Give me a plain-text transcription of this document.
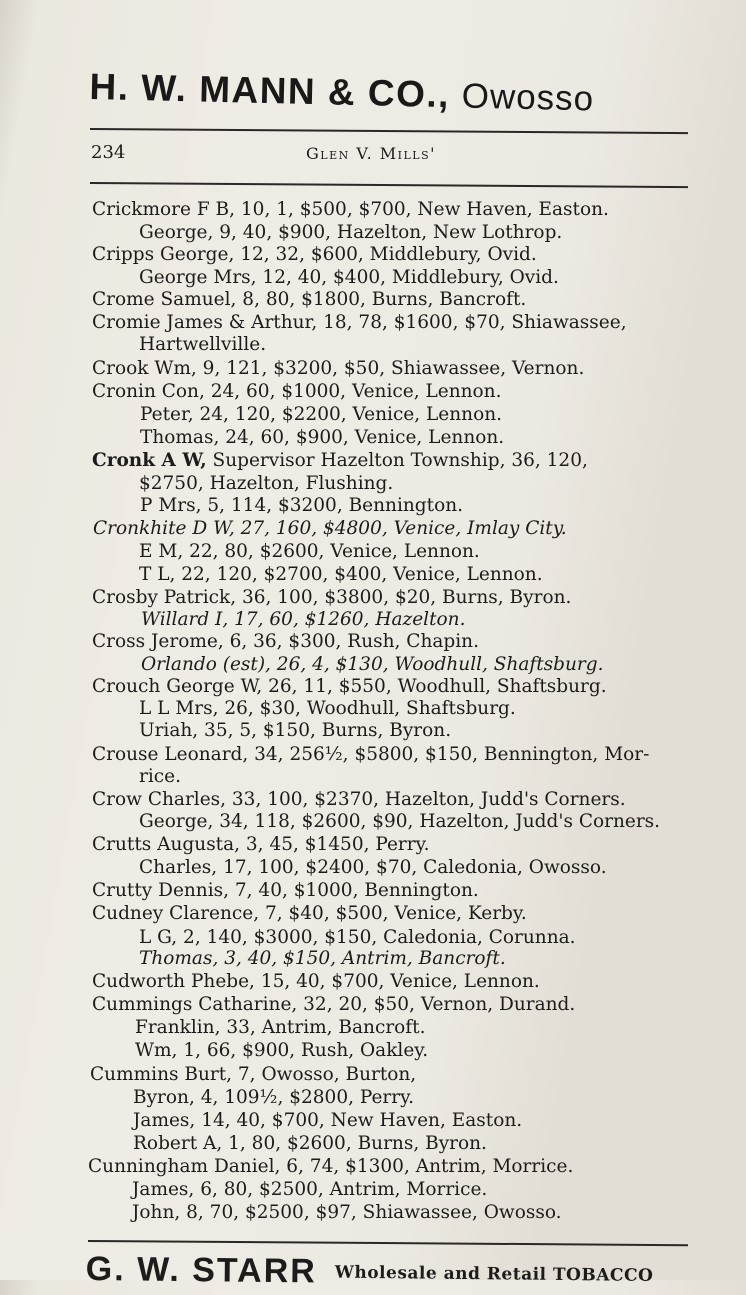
H. W. MANN & CO., Owosso
234	Glen V. Mills'
Crickmore F B, 10, 1, $500, $700, New Haven, Easton.
George, 9, 40, $900, Hazelton, New Lothrop.
Cripps George, 12, 32, $600, Middlebury, Ovid.
George Mrs, 12, 40, $400, Middlebury, Ovid.
Crome Samuel, 8, 80, $1800, Burns, Bancroft.
Cromie James & Arthur, 18, 78, $1600, $70, Shiawassee,
Hartwellville.
Crook Wm, 9, 121, $3200, $50, Shiawassee, Vernon.
Cronin Con, 24, 60, $1000, Venice, Lennon.
Peter, 24, 120, $2200, Venice, Lennon.
Thomas, 24, 60, $900, Venice, Lennon.
Cronk A W, Supervisor Hazelton Township, 36, 120,
$2750, Hazelton, Flushing.
P Mrs, 5, 114, $3200, Bennington.
Cronkhite D W, 27, 160, $4800, Venice, Imlay City.
E M, 22, 80, $2600, Venice, Lennon.
T L, 22, 120, $2700, $400, Venice, Lennon.
Crosby Patrick, 36, 100, $3800, $20, Burns, Byron.
Willard I, 17, 60, $1260, Hazelton.
Cross Jerome, 6, 36, $300, Rush, Chapin.
Orlando (est), 26, 4, $130, Woodhull, Shaftsburg.
Crouch George W, 26, 11, $550, Woodhull, Shaftsburg.
L L Mrs, 26, $30, Woodhull, Shaftsburg.
Uriah, 35, 5, $150, Burns, Byron.
Crouse Leonard, 34, 256½, $5800, $150, Bennington, Mor-
rice.
Crow Charles, 33, 100, $2370, Hazelton, Judd's Corners.
George, 34, 118, $2600, $90, Hazelton, Judd's Corners.
Crutts Augusta, 3, 45, $1450, Perry.
Charles, 17, 100, $2400, $70, Caledonia, Owosso.
Crutty Dennis, 7, 40, $1000, Bennington.
Cudney Clarence, 7, $40, $500, Venice, Kerby.
L G, 2, 140, $3000, $150, Caledonia, Corunna.
Thomas, 3, 40, $150, Antrim, Bancroft.
Cudworth Phebe, 15, 40, $700, Venice, Lennon.
Cummings Catharine, 32, 20, $50, Vernon, Durand.
Franklin, 33, Antrim, Bancroft.
Wm, 1, 66, $900, Rush, Oakley.
Cummins Burt, 7, Owosso, Burton,
Byron, 4, 109½, $2800, Perry.
James, 14, 40, $700, New Haven, Easton.
Robert A, 1, 80, $2600, Burns, Byron.
Cunningham Daniel, 6, 74, $1300, Antrim, Morrice.
James, 6, 80, $2500, Antrim, Morrice.
John, 8, 70, $2500, $97, Shiawassee, Owosso.
G. W. STARR Wholesale and Retail TOBACCO
